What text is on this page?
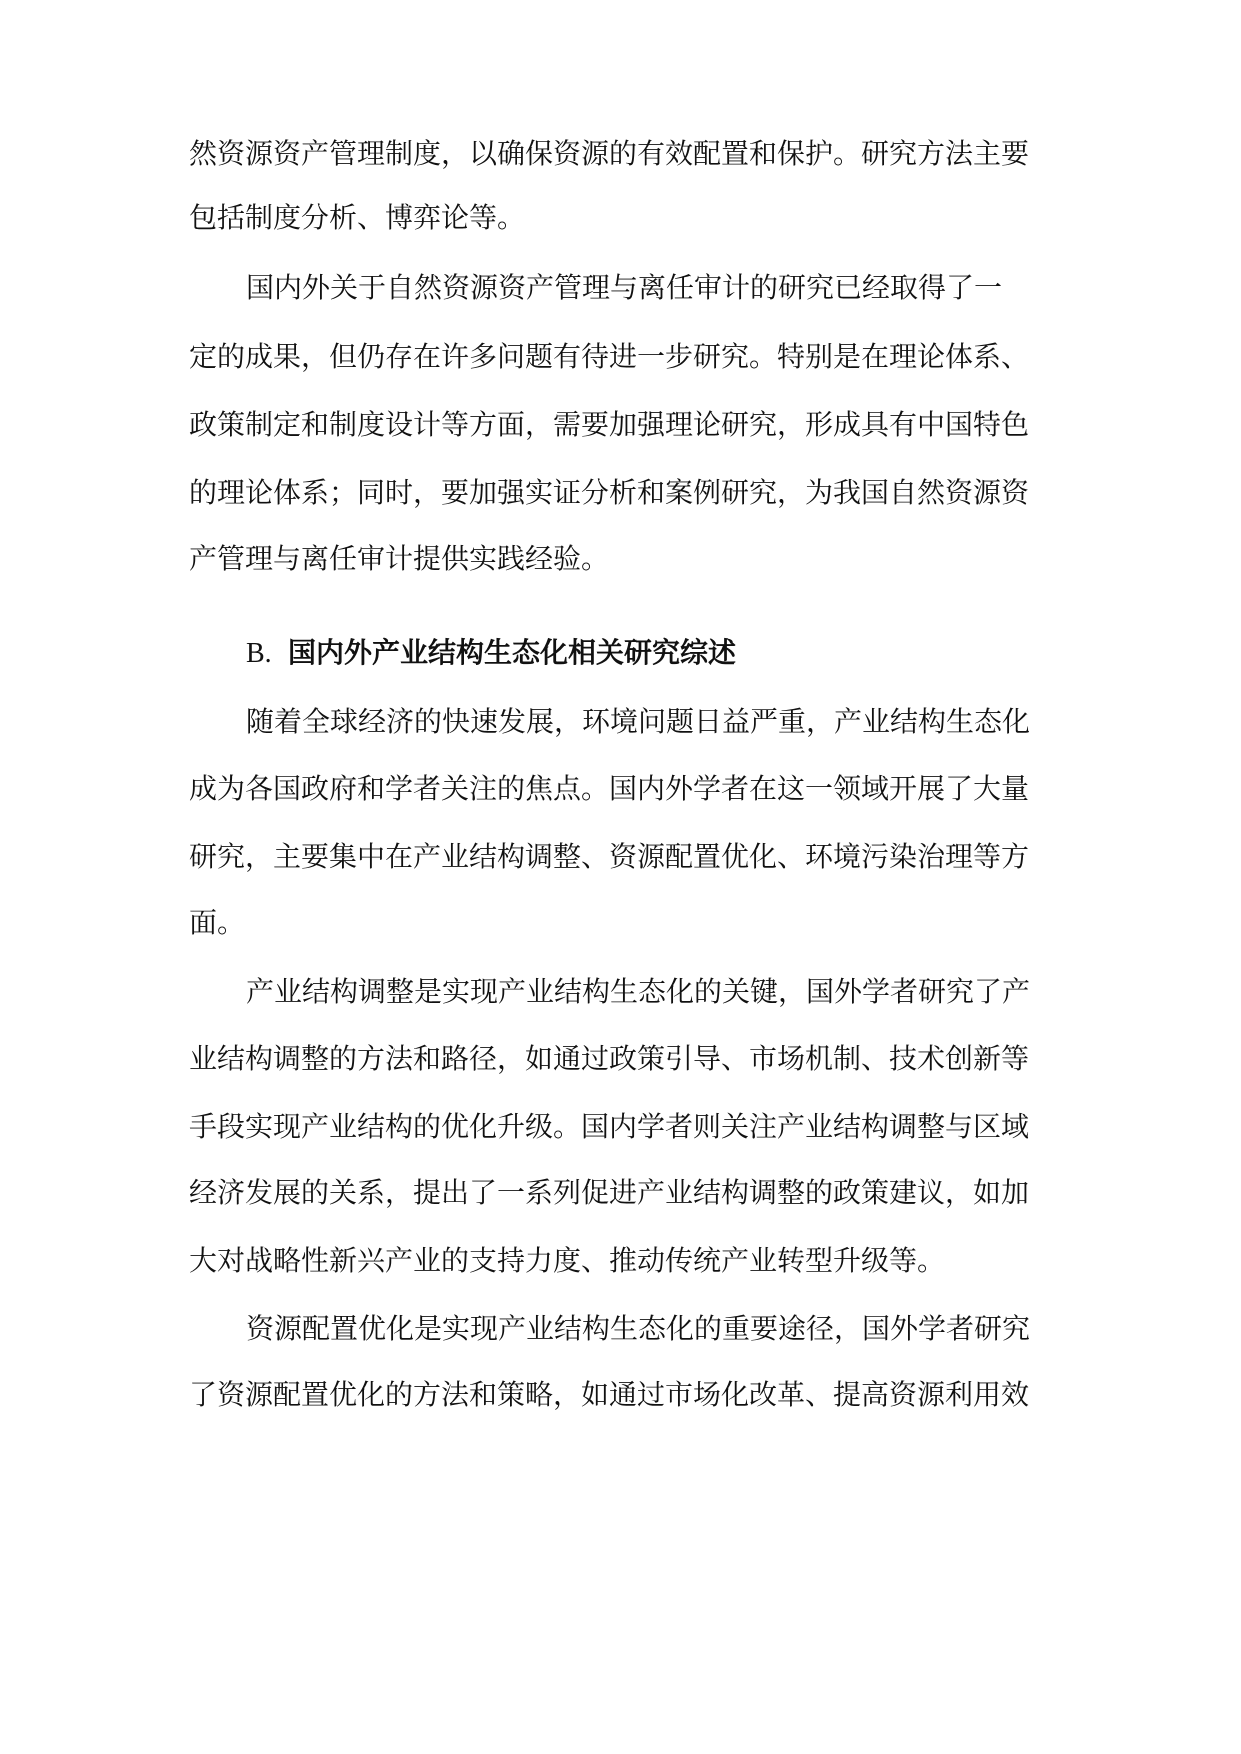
然资源资产管理制度，以确保资源的有效配置和保护。研究方法主要
包括制度分析、博弈论等。
国内外关于自然资源资产管理与离任审计的研究已经取得了一
定的成果，但仍存在许多问题有待进一步研究。特别是在理论体系、
政策制定和制度设计等方面，需要加强理论研究，形成具有中国特色
的理论体系；同时，要加强实证分析和案例研究，为我国自然资源资
产管理与离任审计提供实践经验。
B. 国内外产业结构生态化相关研究综述
随着全球经济的快速发展，环境问题日益严重，产业结构生态化
成为各国政府和学者关注的焦点。国内外学者在这一领域开展了大量
研究，主要集中在产业结构调整、资源配置优化、环境污染治理等方
面。
产业结构调整是实现产业结构生态化的关键，国外学者研究了产
业结构调整的方法和路径，如通过政策引导、市场机制、技术创新等
手段实现产业结构的优化升级。国内学者则关注产业结构调整与区域
经济发展的关系，提出了一系列促进产业结构调整的政策建议，如加
大对战略性新兴产业的支持力度、推动传统产业转型升级等。
资源配置优化是实现产业结构生态化的重要途径，国外学者研究
了资源配置优化的方法和策略，如通过市场化改革、提高资源利用效
